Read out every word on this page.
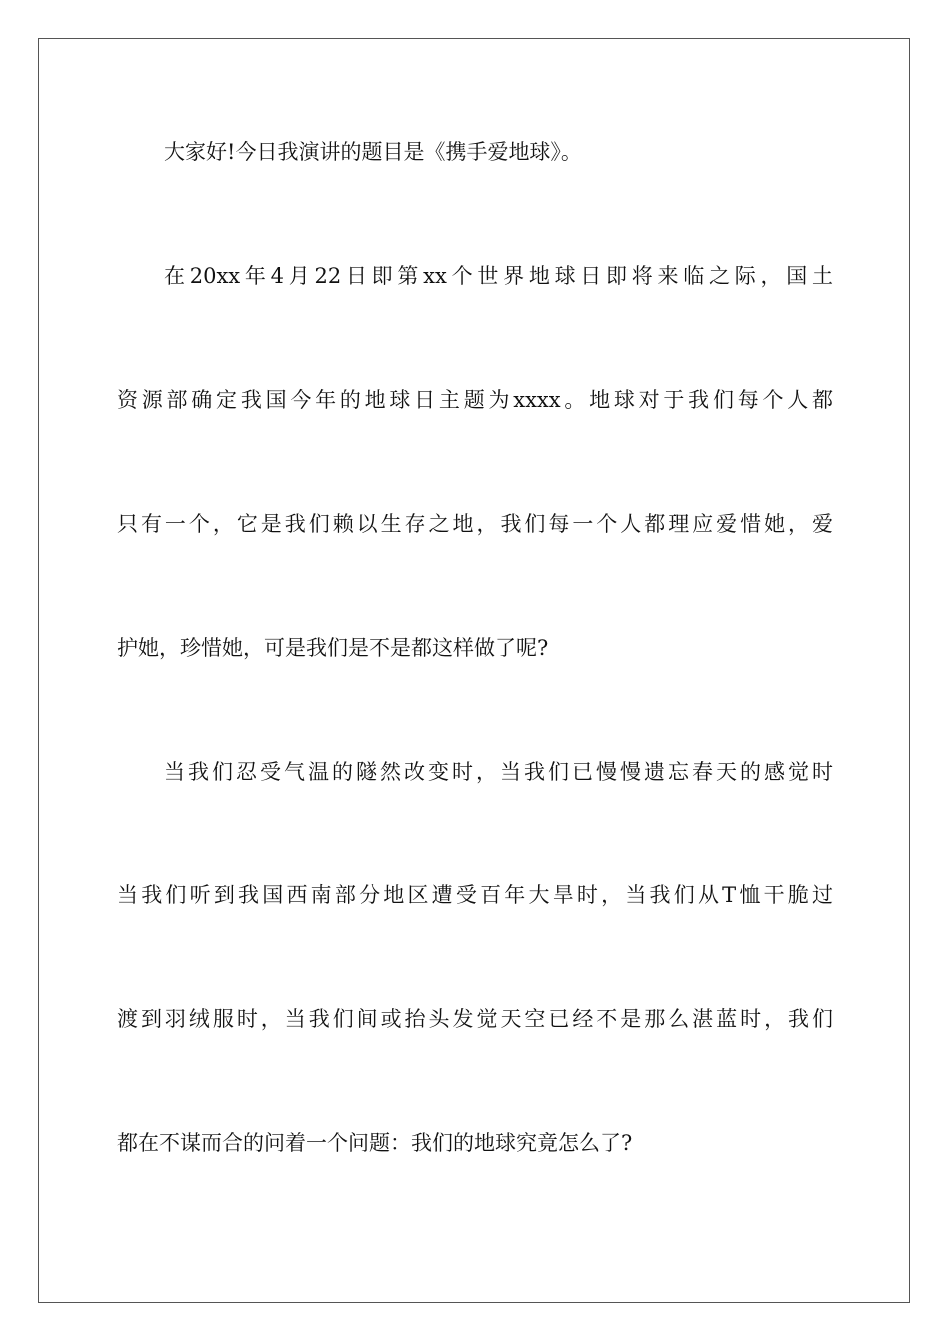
大家好!今日我演讲的题目是《携手爱地球》。
在20xx年4月22日即第xx个世界地球日即将来临之际，国土
资源部确定我国今年的地球日主题为xxxx。地球对于我们每个人都
只有一个，它是我们赖以生存之地，我们每一个人都理应爱惜她，爱
护她，珍惜她，可是我们是不是都这样做了呢?
当我们忍受气温的隧然改变时，当我们已慢慢遗忘春天的感觉时
当我们听到我国西南部分地区遭受百年大旱时，当我们从T恤干脆过
渡到羽绒服时，当我们间或抬头发觉天空已经不是那么湛蓝时，我们
都在不谋而合的问着一个问题：我们的地球究竟怎么了?
